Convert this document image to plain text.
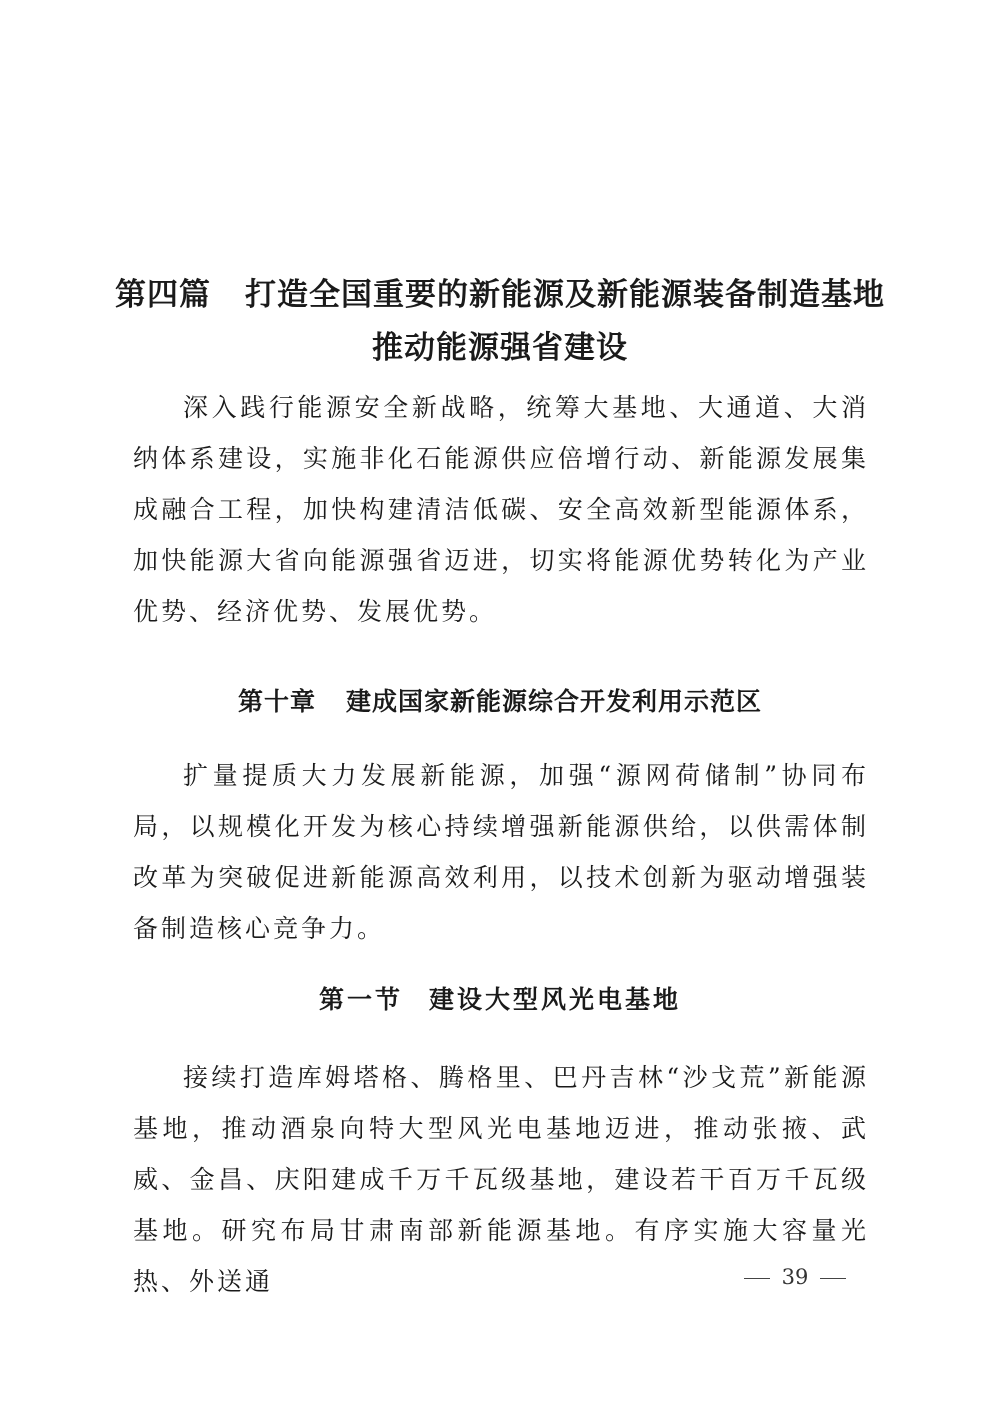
第四篇 打造全国重要的新能源及新能源装备制造基地
推动能源强省建设

深入践行能源安全新战略，统筹大基地、大通道、大消纳体系建设，实施非化石能源供应倍增行动、新能源发展集成融合工程，加快构建清洁低碳、安全高效新型能源体系，加快能源大省向能源强省迈进，切实将能源优势转化为产业优势、经济优势、发展优势。

第十章 建成国家新能源综合开发利用示范区

扩量提质大力发展新能源，加强“源网荷储制”协同布局，以规模化开发为核心持续增强新能源供给，以供需体制改革为突破促进新能源高效利用，以技术创新为驱动增强装备制造核心竞争力。

第一节 建设大型风光电基地

接续打造库姆塔格、腾格里、巴丹吉林“沙戈荒”新能源基地，推动酒泉向特大型风光电基地迈进，推动张掖、武威、金昌、庆阳建成千万千瓦级基地，建设若干百万千瓦级基地。研究布局甘肃南部新能源基地。有序实施大容量光热、外送通	39
